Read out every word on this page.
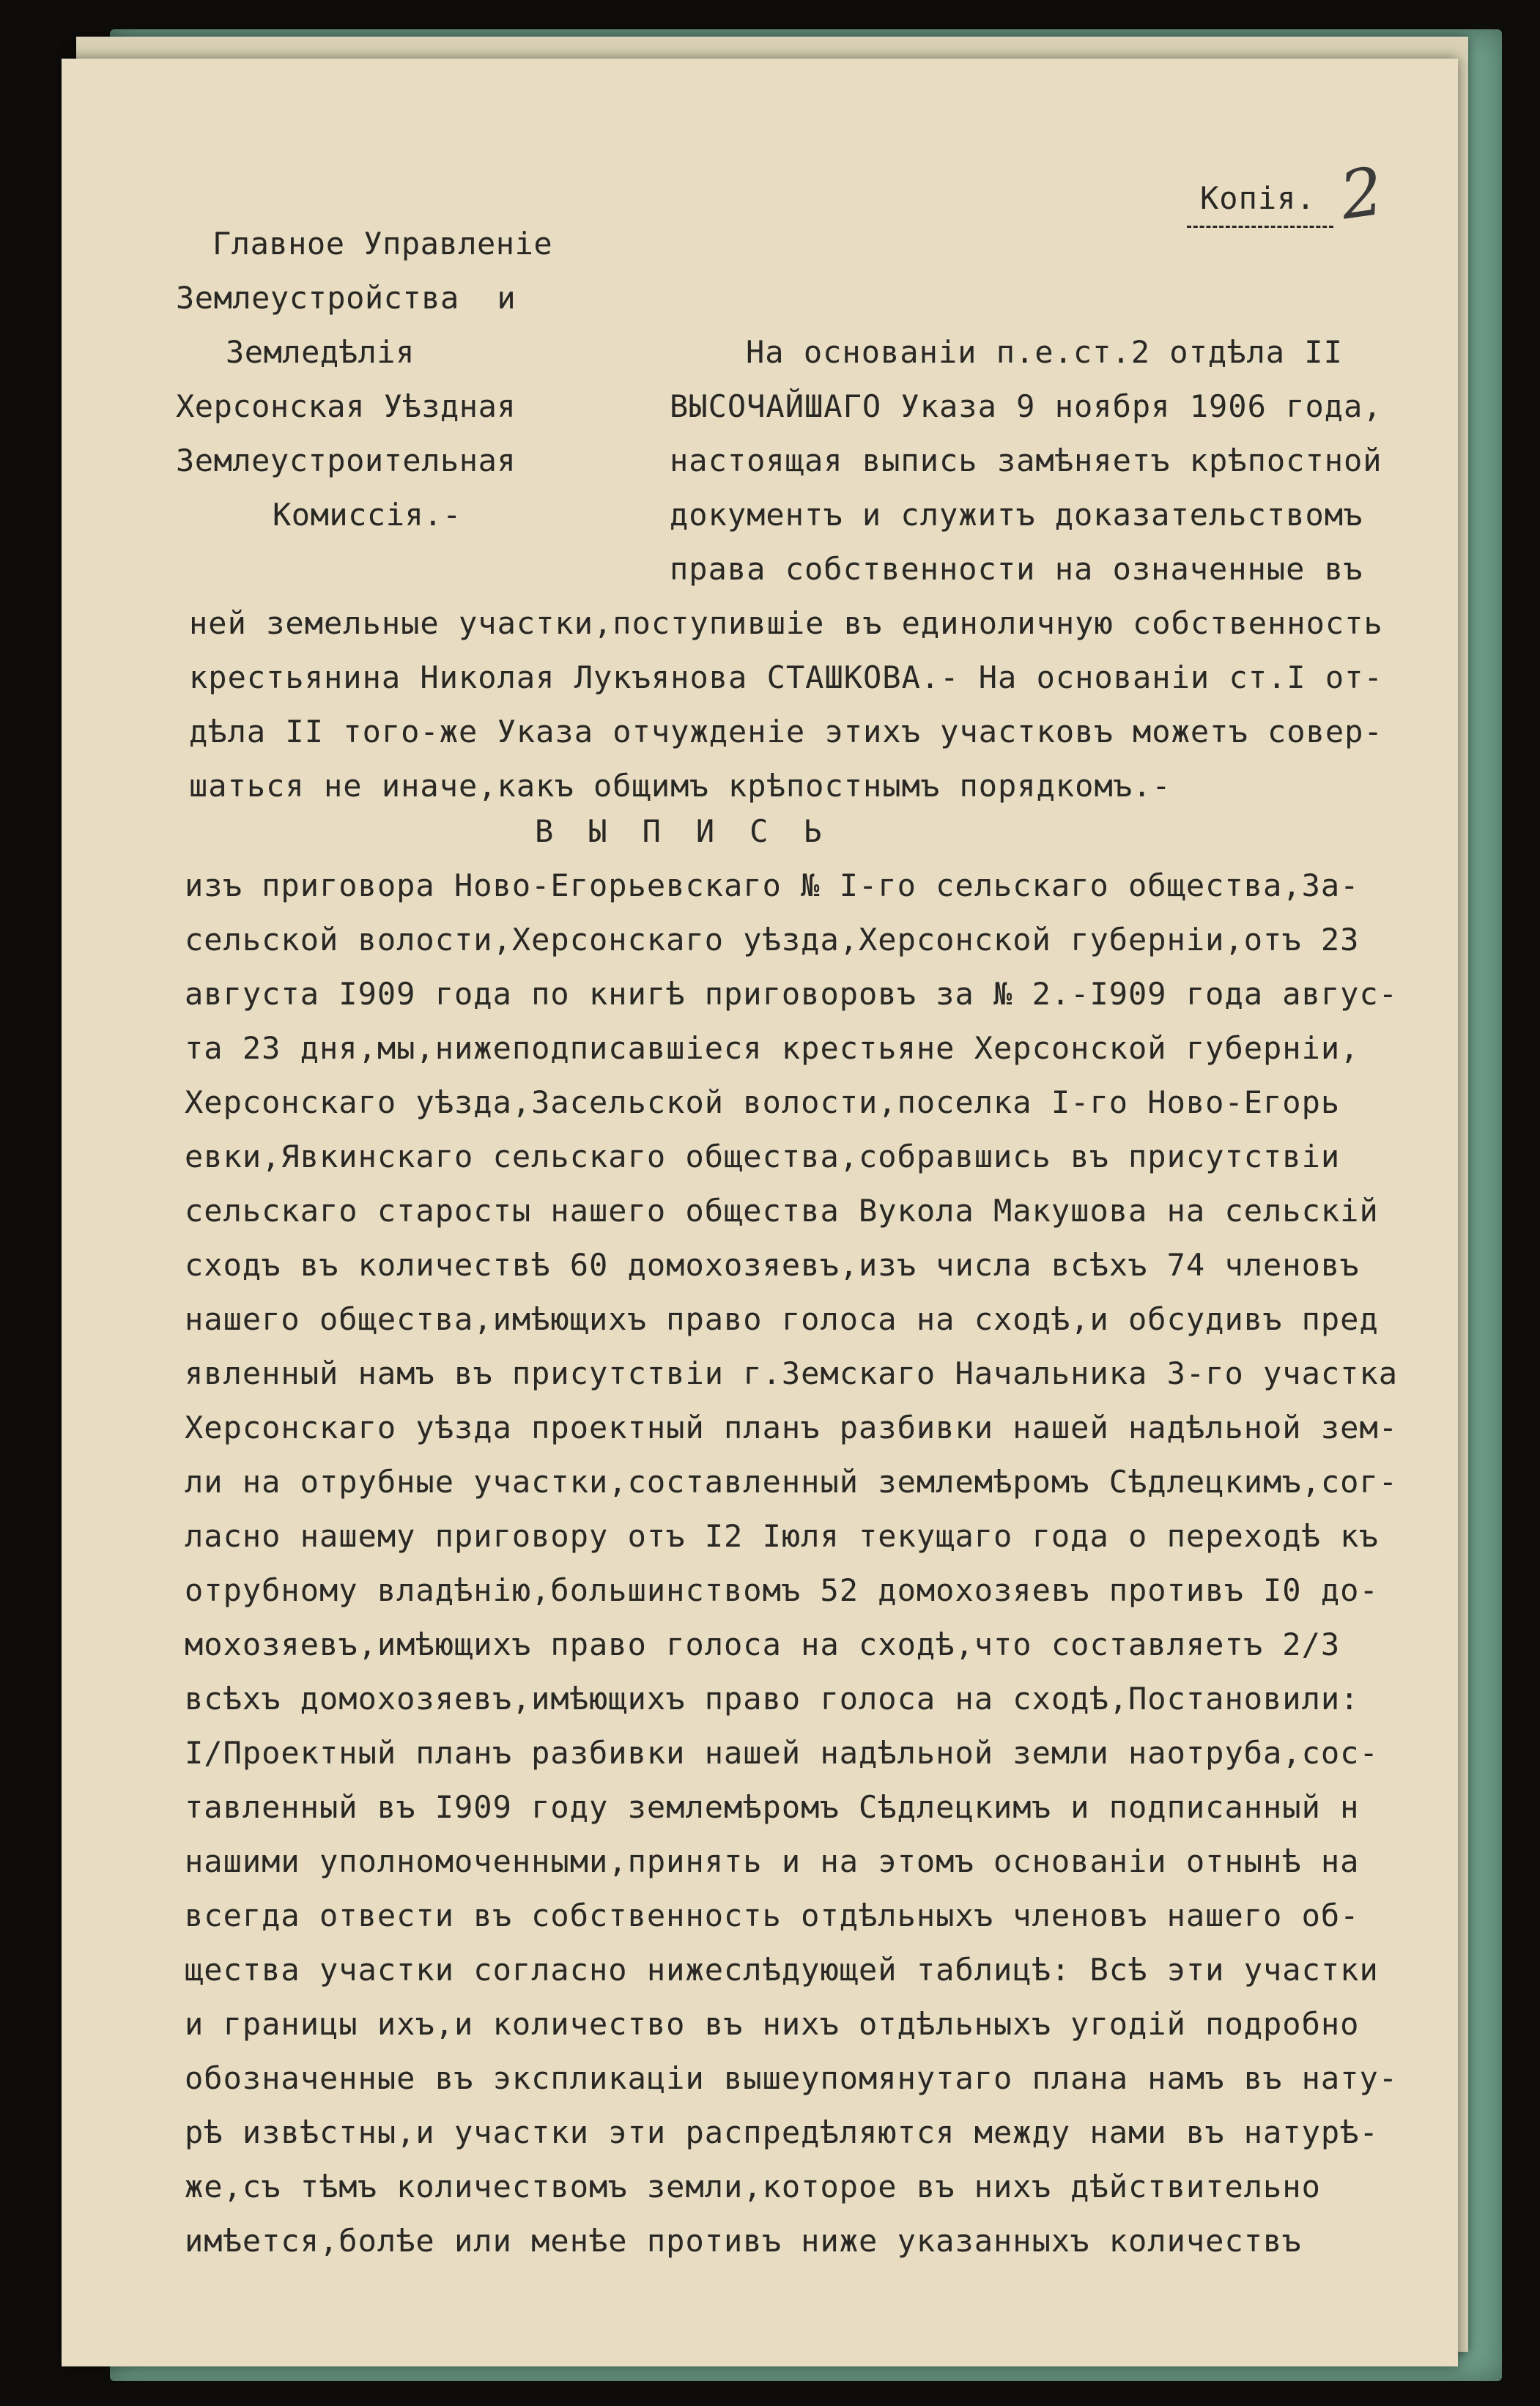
Копія. 2
Главное Управленіе
Землеустройства  и
Земледѣлія
Херсонская Уѣздная
Землеустроительная
Комиссія.-
На основаніи п.е.ст.2 отдѣла II
ВЫСОЧАЙШАГО Указа 9 ноября 1906 года,
настоящая выпись замѣняетъ крѣпостной
документъ и служитъ доказательствомъ
права собственности на означенные въ
ней земельные участки,поступившіе въ единоличную собственность
крестьянина Николая Лукъянова СТАШКОВА.- На основаніи ст.I от-
дѣла II того-же Указа отчужденіе этихъ участковъ можетъ совер-
шаться не иначе,какъ общимъ крѣпостнымъ порядкомъ.-
ВЫПИСЬ
изъ приговора Ново-Егорьевскаго № I-го сельскаго общества,За-
сельской волости,Херсонскаго уѣзда,Херсонской губерніи,отъ 23
августа I909 года по книгѣ приговоровъ за № 2.-I909 года авгус-
та 23 дня,мы,нижеподписавшіеся крестьяне Херсонской губерніи,
Херсонскаго уѣзда,Засельской волости,поселка I-го Ново-Егорь
евки,Явкинскаго сельскаго общества,собравшись въ присутствіи
сельскаго старосты нашего общества Вукола Макушова на сельскій
сходъ въ количествѣ 60 домохозяевъ,изъ числа всѣхъ 74 членовъ
нашего общества,имѣющихъ право голоса на сходѣ,и обсудивъ пред
явленный намъ въ присутствіи г.Земскаго Начальника 3-го участка
Херсонскаго уѣзда проектный планъ разбивки нашей надѣльной зем-
ли на отрубные участки,составленный землемѣромъ Сѣдлецкимъ,сог-
ласно нашему приговору отъ I2 Іюля текущаго года о переходѣ къ
отрубному владѣнію,большинствомъ 52 домохозяевъ противъ I0 до-
мохозяевъ,имѣющихъ право голоса на сходѣ,что составляетъ 2/3
всѣхъ домохозяевъ,имѣющихъ право голоса на сходѣ,Постановили:
I/Проектный планъ разбивки нашей надѣльной земли наотруба,сос-
тавленный въ I909 году землемѣромъ Сѣдлецкимъ и подписанный н
нашими уполномоченными,принять и на этомъ основаніи отнынѣ на
всегда отвести въ собственность отдѣльныхъ членовъ нашего об-
щества участки согласно нижеслѣдующей таблицѣ: Всѣ эти участки
и границы ихъ,и количество въ нихъ отдѣльныхъ угодій подробно
обозначенные въ экспликаціи вышеупомянутаго плана намъ въ нату-
рѣ извѣстны,и участки эти распредѣляются между нами въ натурѣ-
же,съ тѣмъ количествомъ земли,которое въ нихъ дѣйствительно
имѣется,болѣе или менѣе противъ ниже указанныхъ количествъ
